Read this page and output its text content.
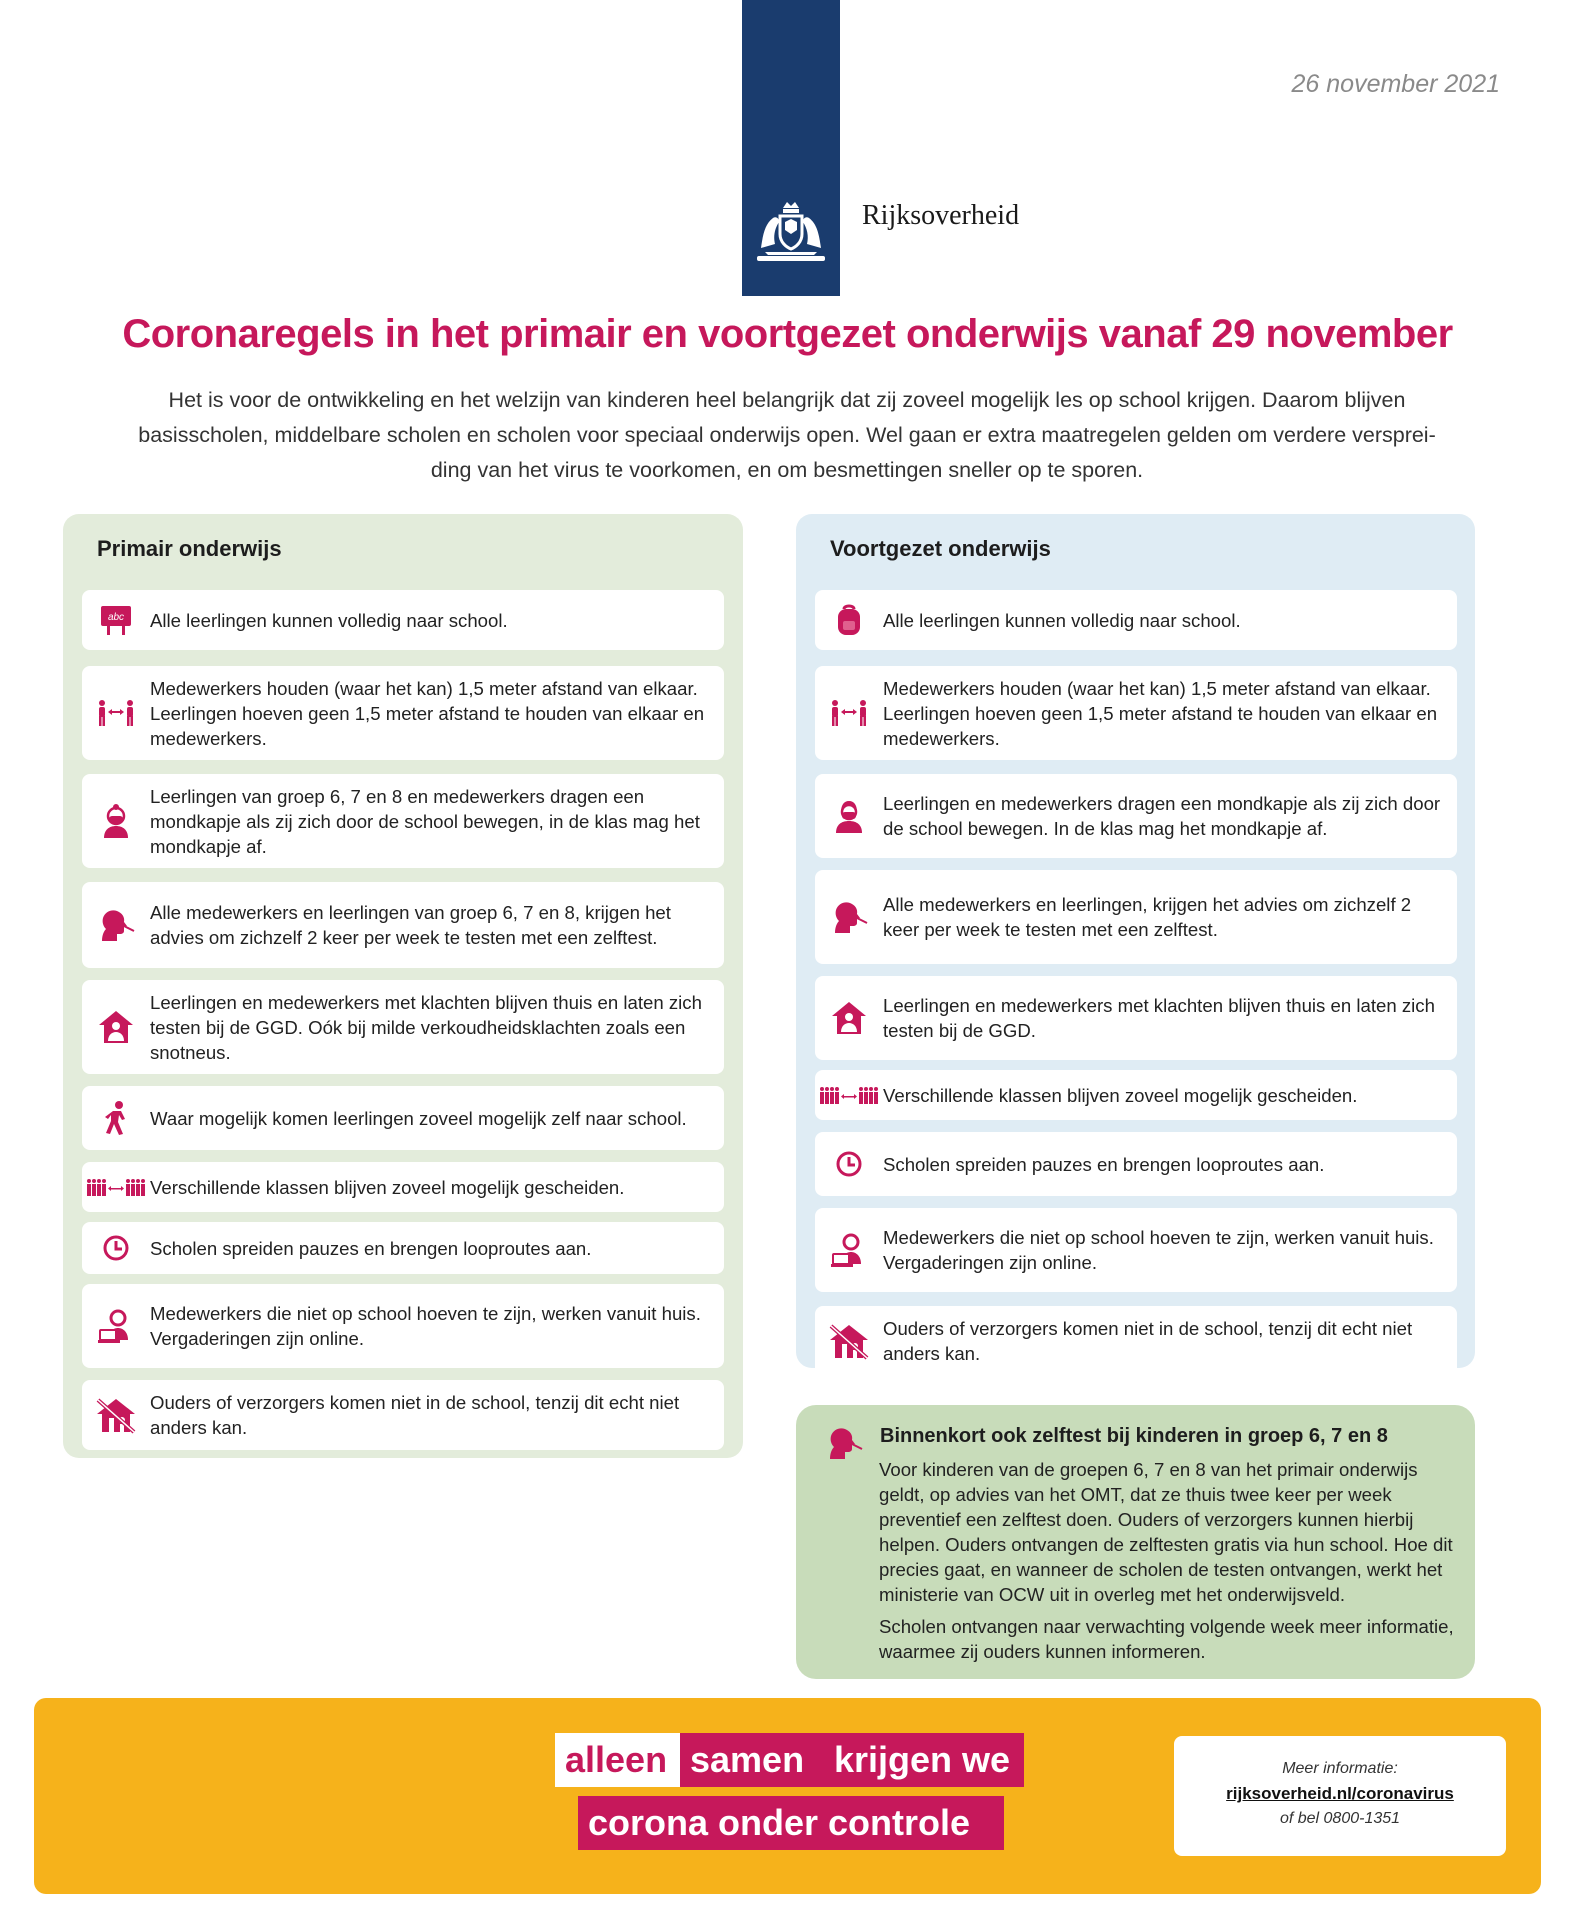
Rijksoverheid
26 november 2021
Coronaregels in het primair en voortgezet onderwijs vanaf 29 november
Het is voor de ontwikkeling en het welzijn van kinderen heel belangrijk dat zij zoveel mogelijk les op school krijgen. Daarom blijven
basisscholen, middelbare scholen en scholen voor speciaal onderwijs open. Wel gaan er extra maatregelen gelden om verdere versprei-
ding van het virus te voorkomen, en om besmettingen sneller op te sporen.
Primair onderwijs
abc Alle leerlingen kunnen volledig naar school.
Medewerkers houden (waar het kan) 1,5 meter afstand van elkaar. Leerlingen hoeven geen 1,5 meter afstand te houden van elkaar en medewerkers.
Leerlingen van groep 6, 7 en 8 en medewerkers dragen een mondkapje als zij zich door de school bewegen, in de klas mag het mondkapje af.
Alle medewerkers en leerlingen van groep 6, 7 en 8, krijgen het advies om zichzelf 2 keer per week te testen met een zelftest.
Leerlingen en medewerkers met klachten blijven thuis en laten zich testen bij de GGD. Oók bij milde verkoudheidsklachten zoals een snotneus.
Waar mogelijk komen leerlingen zoveel mogelijk zelf naar school.
Verschillende klassen blijven zoveel mogelijk gescheiden.
Scholen spreiden pauzes en brengen looproutes aan.
Medewerkers die niet op school hoeven te zijn, werken vanuit huis. Vergaderingen zijn online.
Ouders of verzorgers komen niet in de school, tenzij dit echt niet anders kan.
Voortgezet onderwijs
Alle leerlingen kunnen volledig naar school.
Medewerkers houden (waar het kan) 1,5 meter afstand van elkaar. Leerlingen hoeven geen 1,5 meter afstand te houden van elkaar en medewerkers.
Leerlingen en medewerkers dragen een mondkapje als zij zich door de school bewegen. In de klas mag het mondkapje af.
Alle medewerkers en leerlingen, krijgen het advies om zichzelf 2 keer per week te testen met een zelftest.
Leerlingen en medewerkers met klachten blijven thuis en laten zich testen bij de GGD.
Verschillende klassen blijven zoveel mogelijk gescheiden.
Scholen spreiden pauzes en brengen looproutes aan.
Medewerkers die niet op school hoeven te zijn, werken vanuit huis. Vergaderingen zijn online.
Ouders of verzorgers komen niet in de school, tenzij dit echt niet anders kan.
Binnenkort ook zelftest bij kinderen in groep 6, 7 en 8

Voor kinderen van de groepen 6, 7 en 8 van het primair onderwijs geldt, op advies van het OMT, dat ze thuis twee keer per week preventief een zelftest doen. Ouders of verzorgers kunnen hierbij helpen. Ouders ontvangen de zelftesten gratis via hun school. Hoe dit precies gaat, en wanneer de scholen de testen ontvangen, werkt het ministerie van OCW uit in overleg met het onderwijsveld.

Scholen ontvangen naar verwachting volgende week meer informatie, waarmee zij ouders kunnen informeren.

alleen samen krijgen we
corona onder controle
Meer informatie:
rijksoverheid.nl/coronavirus
of bel 0800-1351
